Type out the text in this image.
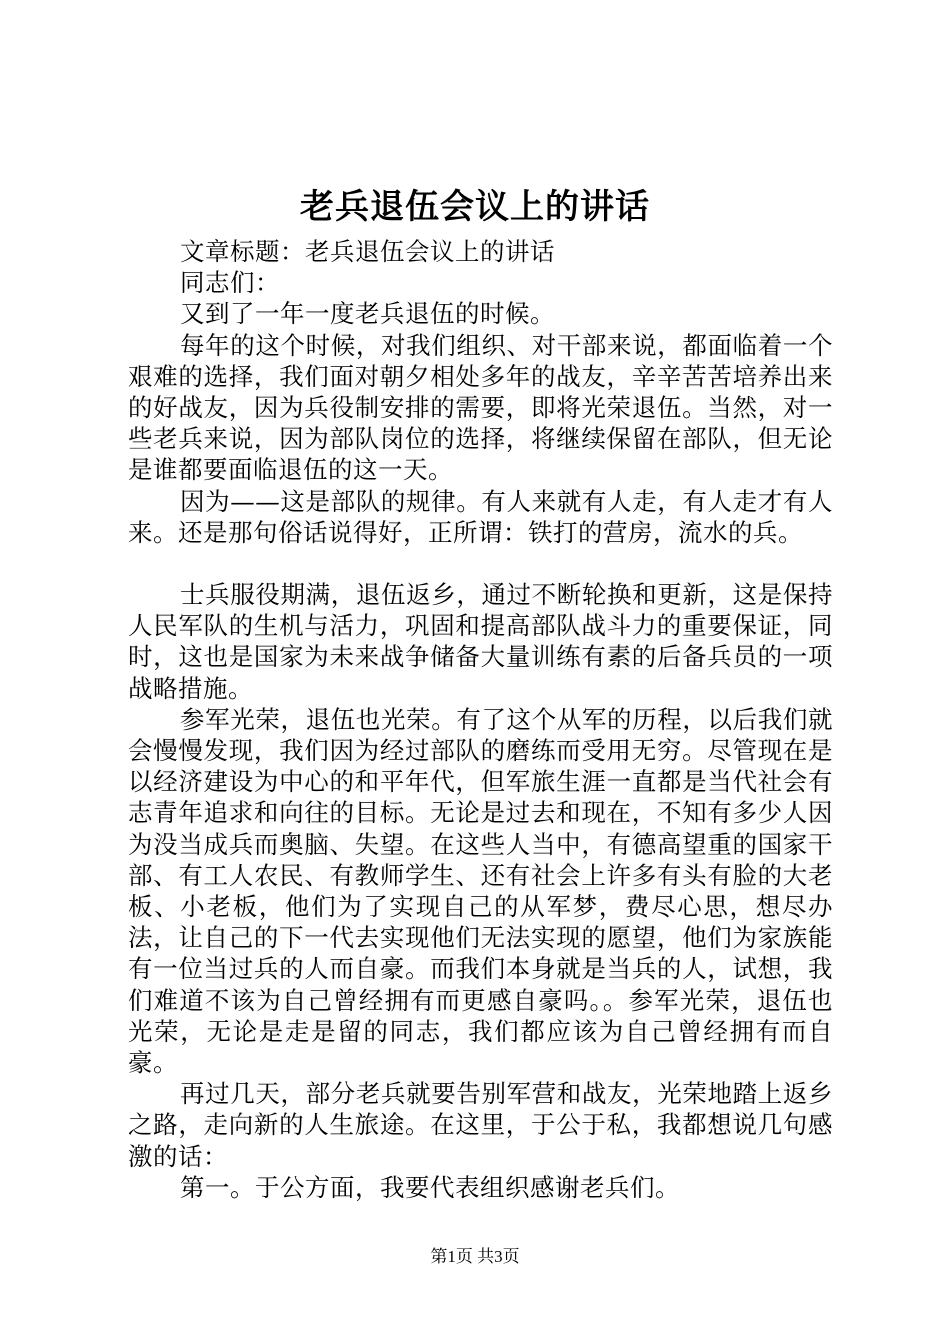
老兵退伍会议上的讲话

文章标题：老兵退伍会议上的讲话

同志们：

又到了一年一度老兵退伍的时候。

每年的这个时候，对我们组织、对干部来说，都面临着一个艰难的选择，我们面对朝夕相处多年的战友，辛辛苦苦培养出来的好战友，因为兵役制安排的需要，即将光荣退伍。当然，对一些老兵来说，因为部队岗位的选择，将继续保留在部队，但无论是谁都要面临退伍的这一天。

因为——这是部队的规律。有人来就有人走，有人走才有人来。还是那句俗话说得好，正所谓：铁打的营房，流水的兵。

士兵服役期满，退伍返乡，通过不断轮换和更新，这是保持人民军队的生机与活力，巩固和提高部队战斗力的重要保证，同时，这也是国家为未来战争储备大量训练有素的后备兵员的一项战略措施。

参军光荣，退伍也光荣。有了这个从军的历程，以后我们就会慢慢发现，我们因为经过部队的磨练而受用无穷。尽管现在是以经济建设为中心的和平年代，但军旅生涯一直都是当代社会有志青年追求和向往的目标。无论是过去和现在，不知有多少人因为没当成兵而奥脑、失望。在这些人当中，有德高望重的国家干部、有工人农民、有教师学生、还有社会上许多有头有脸的大老板、小老板，他们为了实现自己的从军梦，费尽心思，想尽办法，让自己的下一代去实现他们无法实现的愿望，他们为家族能有一位当过兵的人而自豪。而我们本身就是当兵的人，试想，我们难道不该为自己曾经拥有而更感自豪吗。。参军光荣，退伍也光荣，无论是走是留的同志，我们都应该为自己曾经拥有而自豪。

再过几天，部分老兵就要告别军营和战友，光荣地踏上返乡之路，走向新的人生旅途。在这里，于公于私，我都想说几句感激的话：

第一。于公方面，我要代表组织感谢老兵们。

第1页 共3页
